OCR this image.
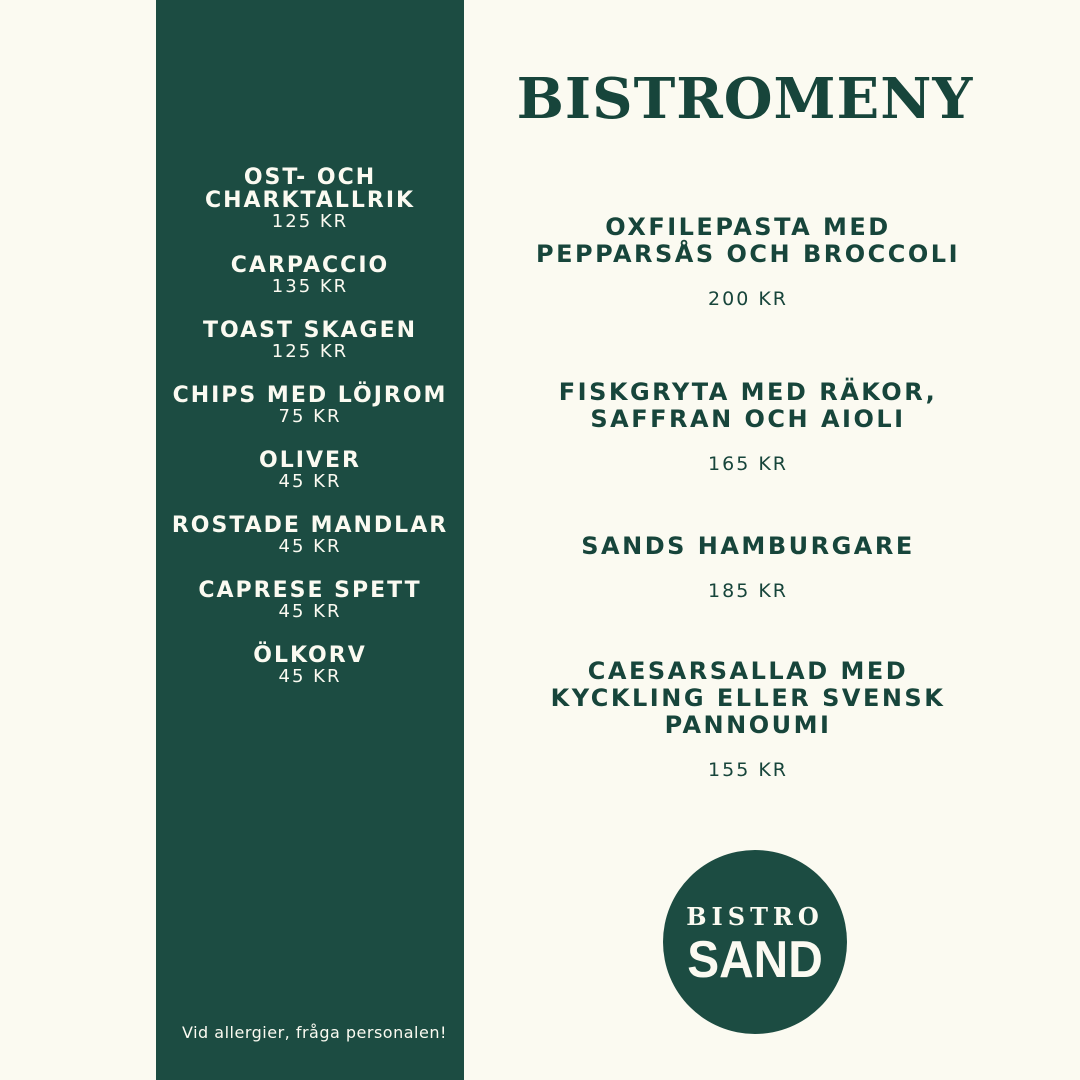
OST- OCH CHARKTALLRIK
125 KR
CARPACCIO
135 KR
TOAST SKAGEN
125 KR
CHIPS MED LÖJROM
75 KR
OLIVER
45 KR
ROSTADE MANDLAR
45 KR
CAPRESE SPETT
45 KR
ÖLKORV
45 KR
Vid allergier, fråga personalen!
BISTROMENY
OXFILEPASTA MED PEPPARSÅS OCH BROCCOLI
200 KR
FISKGRYTA MED RÄKOR, SAFFRAN OCH AIOLI
165 KR
SANDS HAMBURGARE
185 KR
CAESARSALLAD MED KYCKLING ELLER SVENSK PANNOUMI
155 KR
BISTRO
SAND
